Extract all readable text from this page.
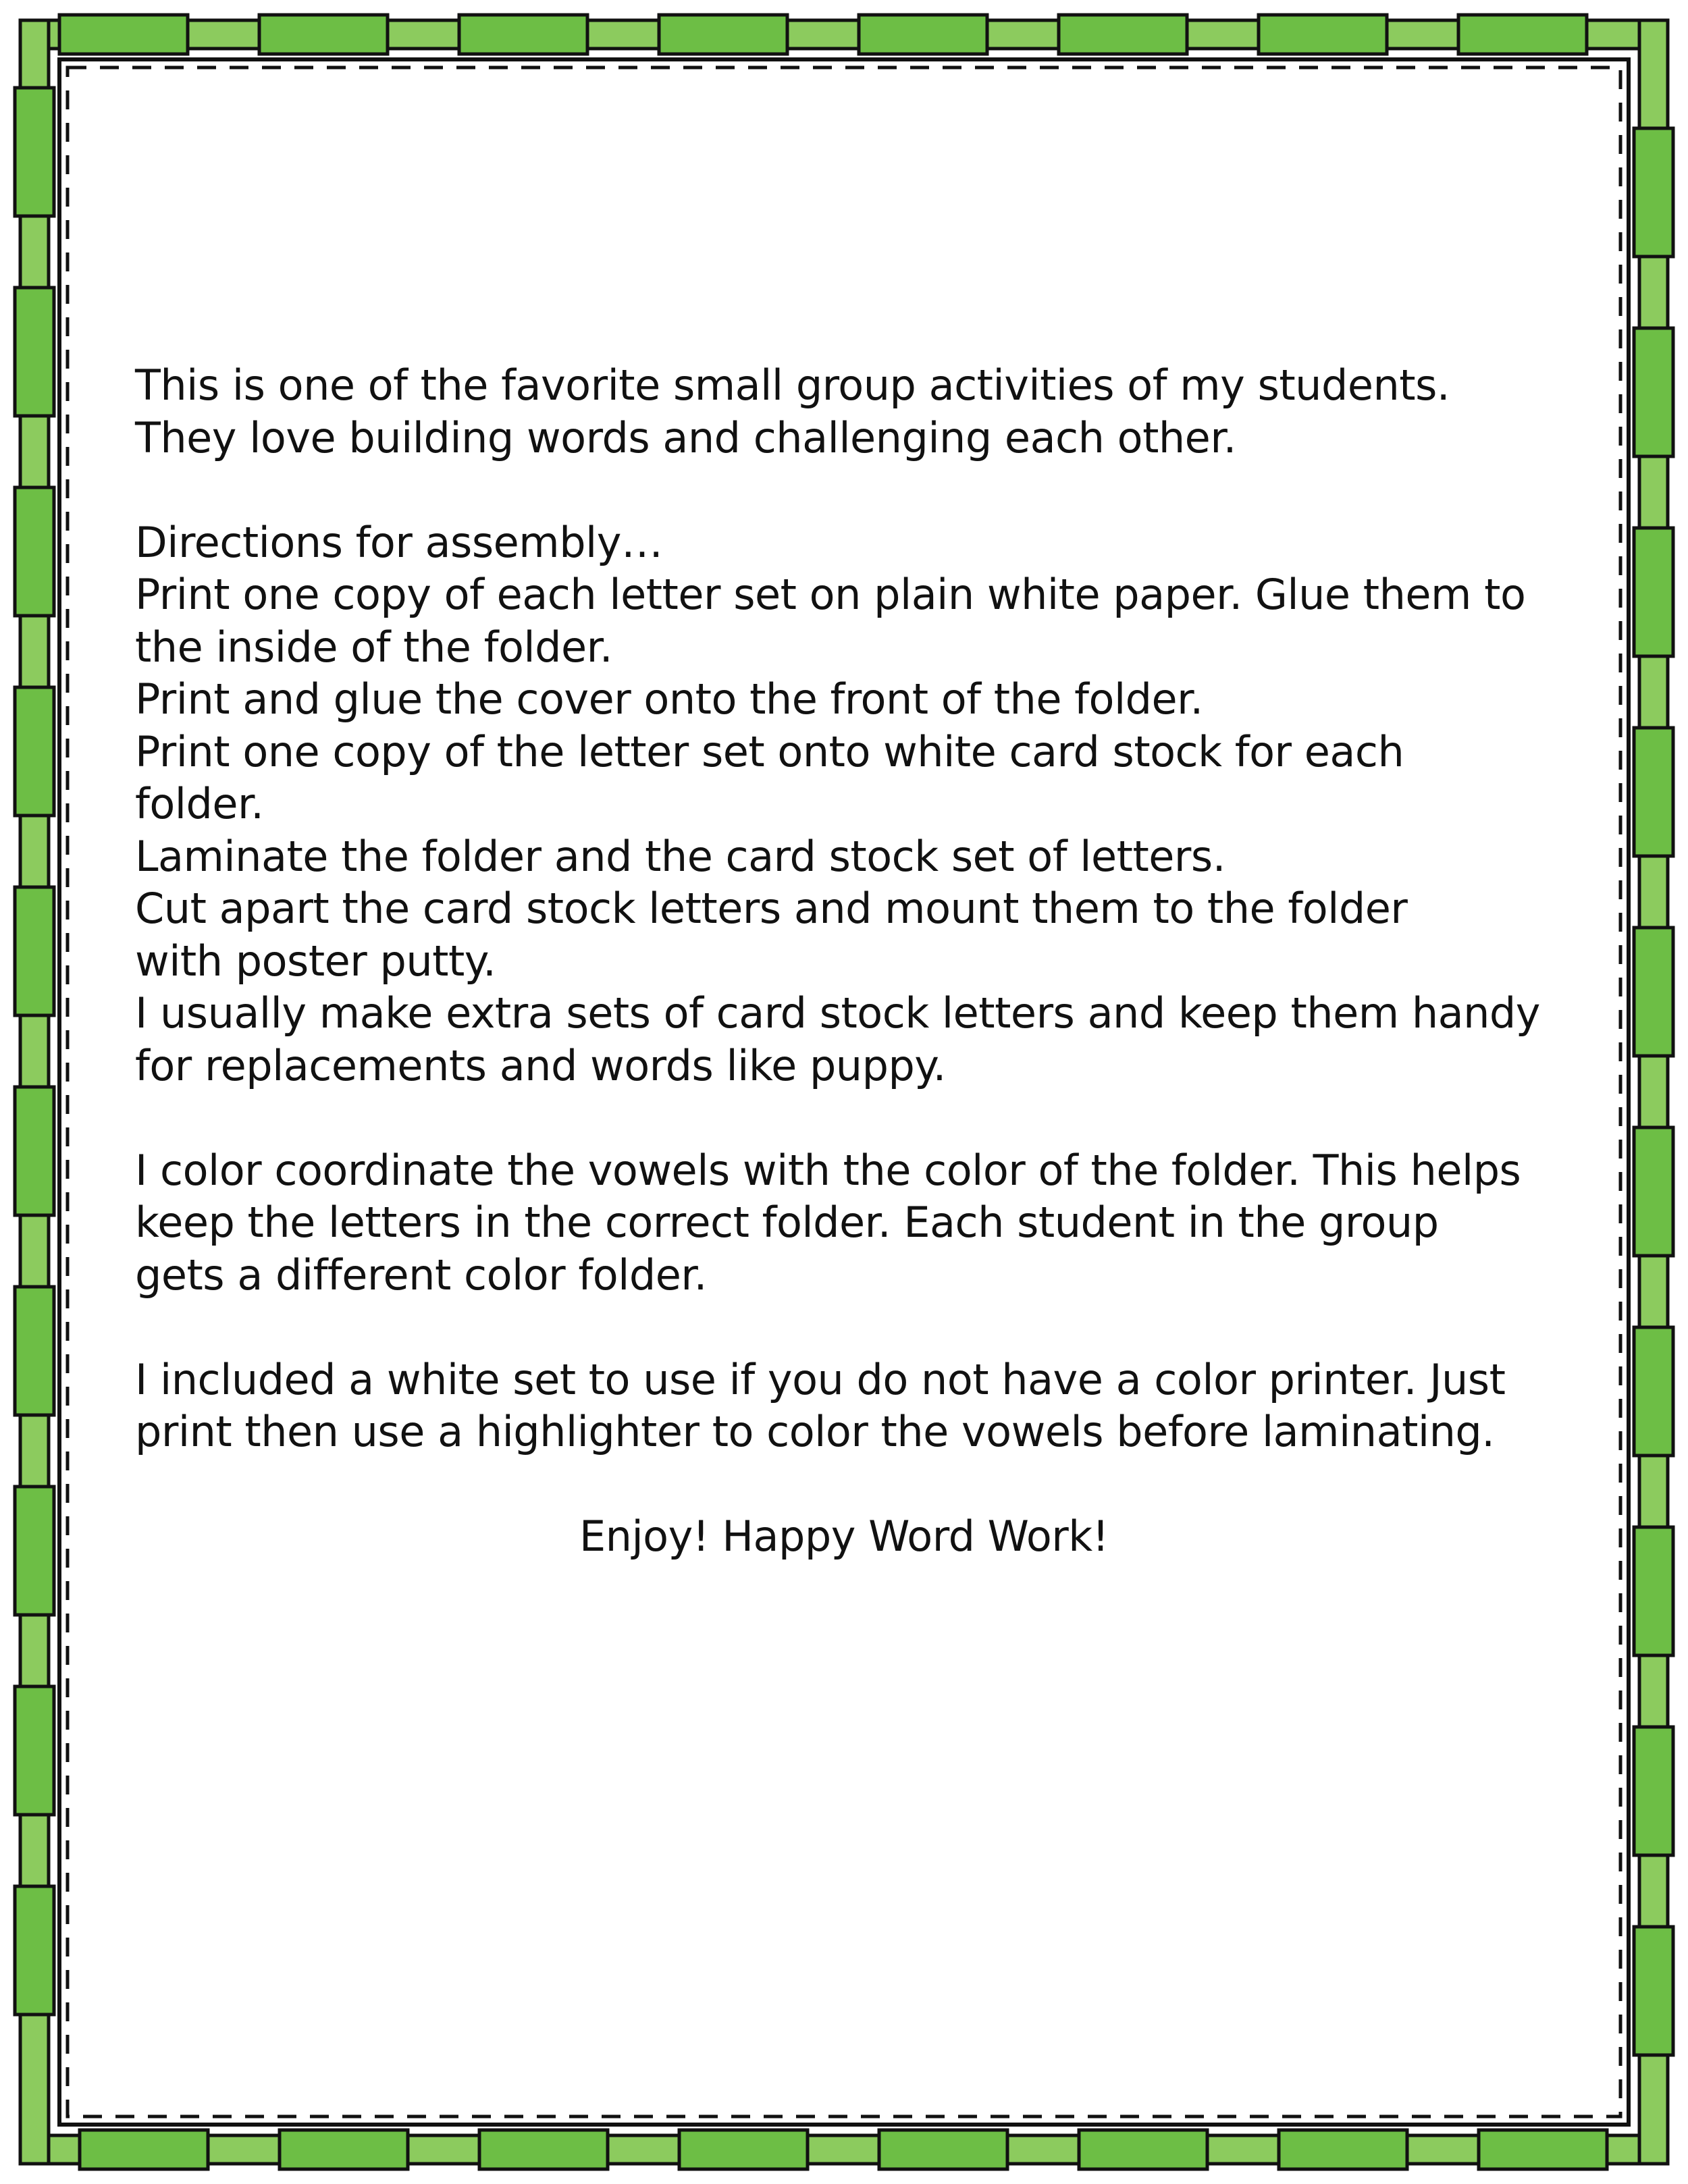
This is one of the favorite small group activities of my students.
They love building words and challenging each other.
Directions for assembly…
Print one copy of each letter set on plain white paper. Glue them to
the inside of the folder.
Print and glue the cover onto the front of the folder.
Print one copy of the letter set onto white card stock for each
folder.
Laminate the folder and the card stock set of letters.
Cut apart the card stock letters and mount them to the folder
with poster putty.
I usually make extra sets of card stock letters and keep them handy
for replacements and words like puppy.
I color coordinate the vowels with the color of the folder. This helps
keep the letters in the correct folder. Each student in the group
gets a different color folder.
I included a white set to use if you do not have a color printer. Just
print then use a highlighter to color the vowels before laminating.
Enjoy! Happy Word Work!
